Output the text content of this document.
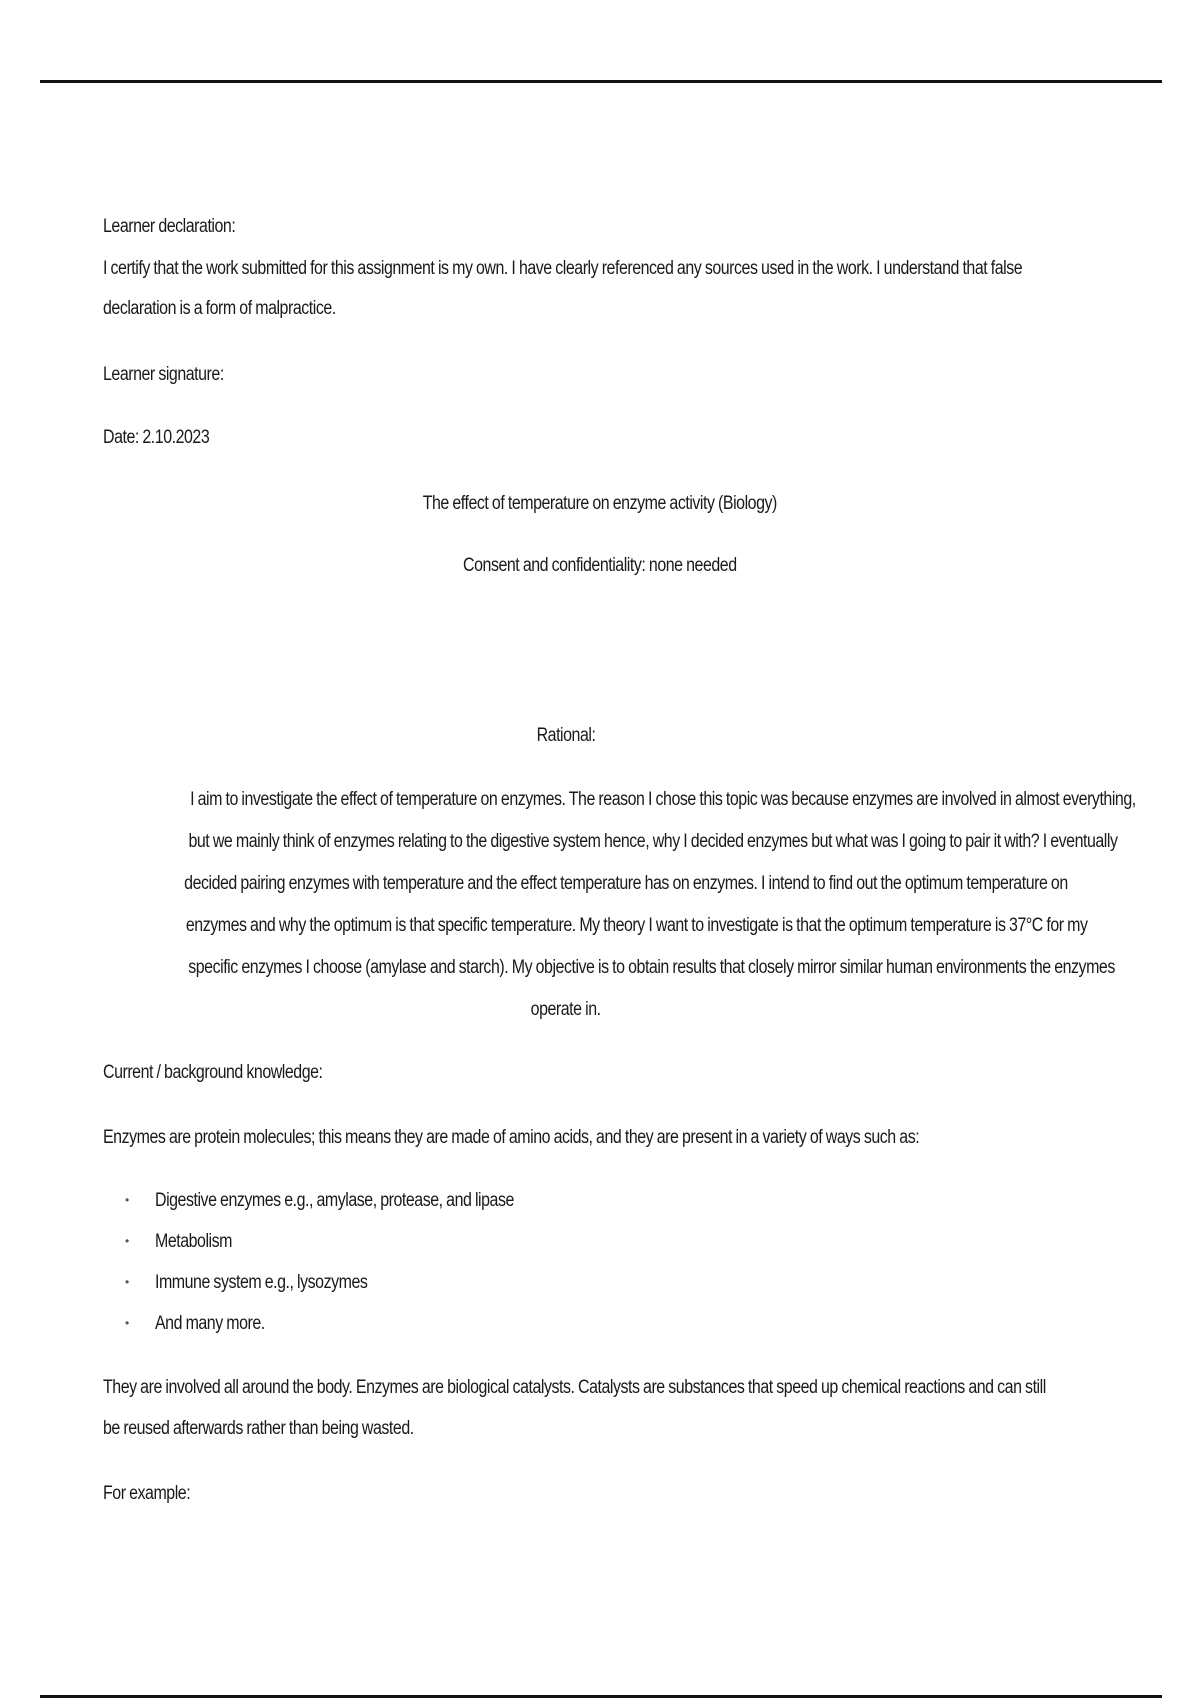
Learner declaration:
I certify that the work submitted for this assignment is my own. I have clearly referenced any sources used in the work. I understand that false
declaration is a form of malpractice.
Learner signature:
Date: 2.10.2023
The effect of temperature on enzyme activity (Biology)
Consent and confidentiality: none needed
Rational:
I aim to investigate the effect of temperature on enzymes. The reason I chose this topic was because enzymes are involved in almost everything,
but we mainly think of enzymes relating to the digestive system hence, why I decided enzymes but what was I going to pair it with? I eventually
decided pairing enzymes with temperature and the effect temperature has on enzymes. I intend to find out the optimum temperature on
enzymes and why the optimum is that specific temperature. My theory I want to investigate is that the optimum temperature is 37°C for my
specific enzymes I choose (amylase and starch). My objective is to obtain results that closely mirror similar human environments the enzymes
operate in.
Current / background knowledge:
Enzymes are protein molecules; this means they are made of amino acids, and they are present in a variety of ways such as:
•	Digestive enzymes e.g., amylase, protease, and lipase
•	Metabolism
•	Immune system e.g., lysozymes
•	And many more.
They are involved all around the body. Enzymes are biological catalysts. Catalysts are substances that speed up chemical reactions and can still
be reused afterwards rather than being wasted.
For example:
